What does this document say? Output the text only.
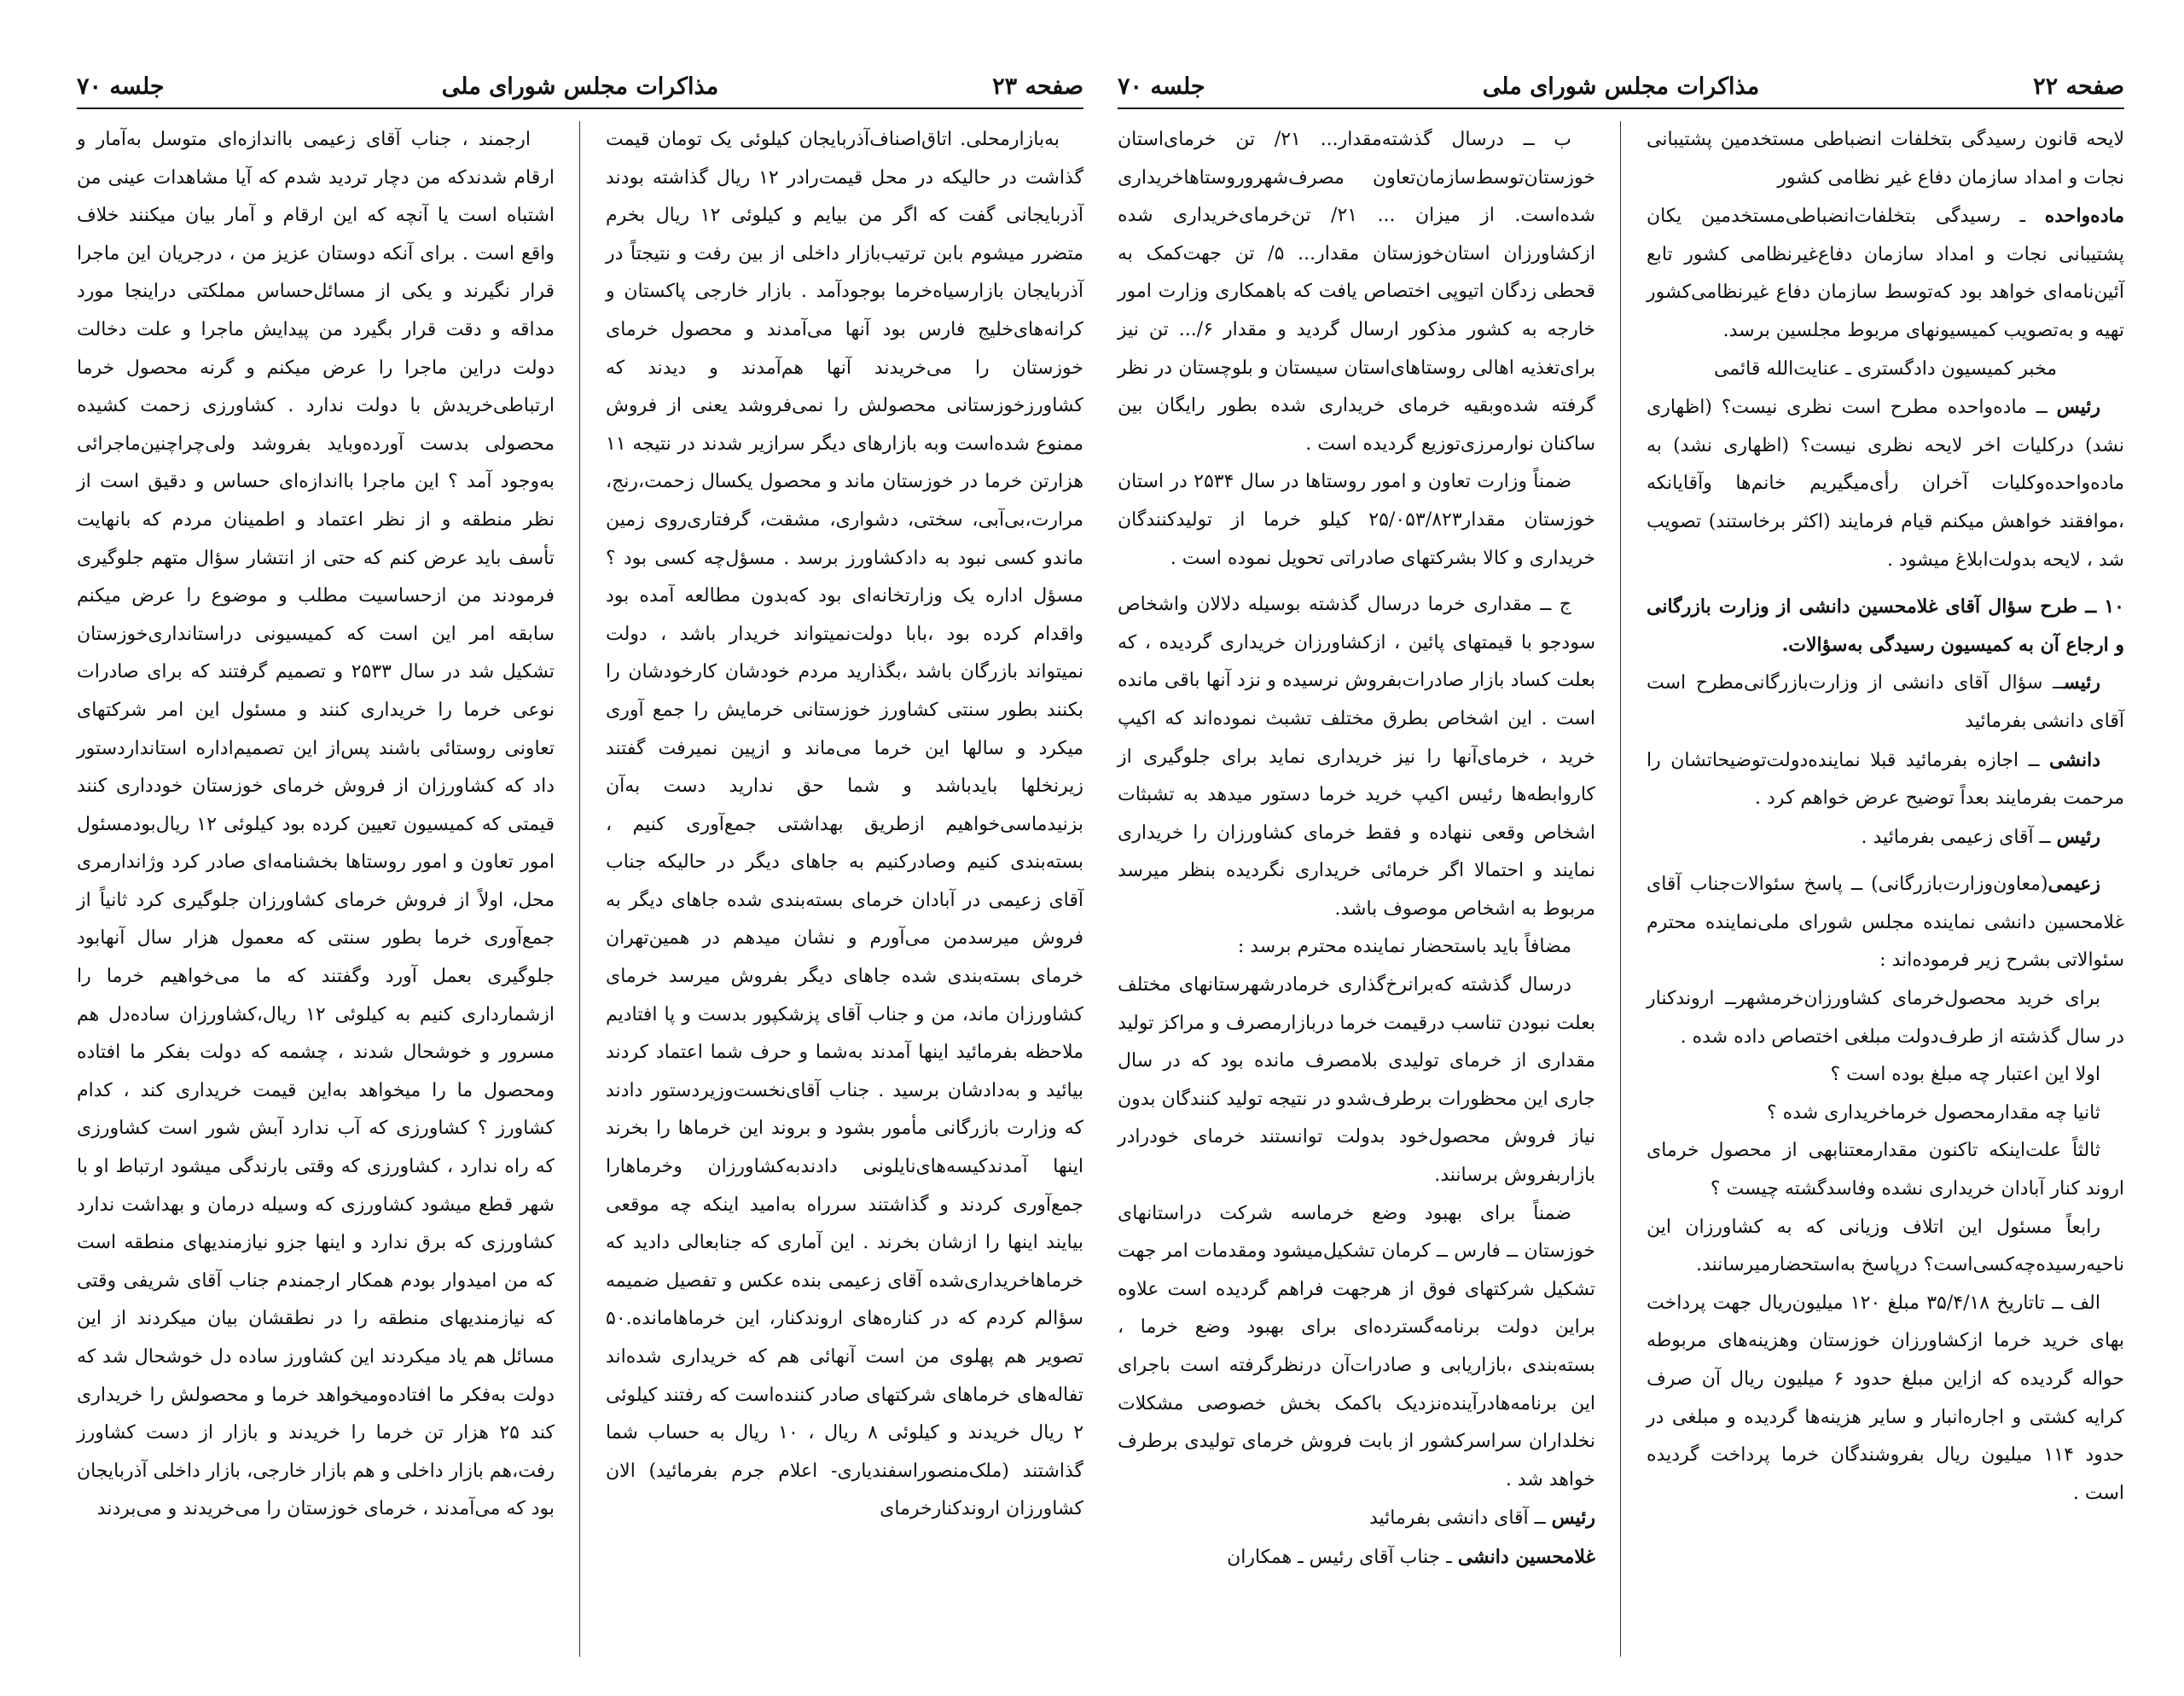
صفحه ۲۳
مذاکرات مجلس شورای ملی
جلسه ۷۰

به‌بازارمحلی. اتاق‌اصناف‌آذربایجان کیلوئی یک تومان قیمت گذاشت در حالیکه در محل قیمت‌رادر ۱۲ ریال گذاشته بودند آذربایجانی گفت که اگر من بیایم و کیلوئی ۱۲ ریال بخرم متضرر میشوم با‌بن ترتیب‌بازار داخلی از بین رفت و نتیجتاً در آذربایجان بازارسیاه‌خرما بوجودآمد . بازار خارجی پاکستان و کرانه‌های‌خلیج فارس بود آنها می‌آمدند و محصول خرمای خوزستان را می‌خریدند آنها هم‌آمدند و دیدند که‌ کشاورزخوزستانی محصولش را نمی‌فروشد یعنی از فروش ممنوع شده‌است وبه بازارهای دیگر سرازیر شدند در نتیجه ۱۱ هزارتن خرما در خوزستان ماند و محصول یکسال زحمت،رنج، مرارت،بی‌آبی، سختی، دشواری، مشقت، گرفتاری‌روی زمین ماندو کسی نبود به داد‌کشاورز برسد . مسؤل‌چه کسی بود ؟ مسؤل اداره یک وزارتخانه‌ای بود که‌بدون مطالعه آمده بود واقدام کرده بود ،بابا دولت‌نمیتواند خریدار باشد ، دولت نمیتواند بازرگان باشد ،بگذارید مردم خودشان کارخودشان را بکنند بطور سنتی کشاورز خوزستانی خرمایش را جمع آوری میکرد و سالها این خرما می‌ماند و ازپین نمیرفت گفتند زیرنخلها بایدباشد و شما حق ندارید دست به‌آن بزنیدماسی‌خواهیم ازطریق بهداشتی جمع‌آوری کنیم ، بسته‌بندی کنیم وصادرکنیم به جاهای دیگر در حالیکه جناب آقای زعیمی در آبادان خرمای بسته‌بندی شده جاهای دیگر به فروش میرسدمن می‌آورم و نشان میدهم در همین‌تهران خرمای بسته‌بندی شده جاهای دیگر بفروش میرسد خرمای کشاورزان ماند، من و جناب آقای پزشکپور بدست و پا افتادیم ملاحظه بفرمائید اینها آمدند به‌شما و حرف شما اعتماد کردند بیائید و به‌دادشان برسید . جناب آقای‌نخست‌وزیردستور دادند که وزارت بازرگانی مأمور بشود و بروند این خرماها را بخرند اینها آمدندکیسه‌های‌نایلونی دادندبه‌کشاورزان وخرماهارا جمع‌آوری کردند و گذاشتند سرراه به‌امید اینکه چه موقعی بیایند اینها را ازشان بخرند . این آماری که جنابعالی دادید که خرماهاخریداری‌شده آقای زعیمی بنده عکس و تفصیل ضمیمه سؤالم کردم که در کناره‌های اروندکنار، این خرماهاماند‌ه.۵۰ تصویر هم پهلوی من است آنهائی هم که خریداری شده‌اند تفاله‌های خرماهای شرکتهای صادر کننده‌است که رفتند کیلوئی ۲ ریال خریدند و کیلوئی ۸ ریال ، ۱۰ ریال به حساب شما گذاشتند (ملک‌منصوراسفندیاری- اعلام جرم بفرمائید) الان کشاورزان اروندکنارخرمای

ارجمند ، جناب آقای زعیمی بااندازه‌ای متوسل به‌آمار و ارقام شدند‌که من دچار تردید شدم که آیا مشاهدات عینی من اشتباه است یا آنچه که این ارقام و آمار بیان میکنند خلاف واقع است . برای آنکه دوستان عزیز من ، درجریان این ماجرا قرار نگیرند و یکی از مسائل‌حساس مملکتی دراینجا مورد مداقه و دقت قرار بگیرد من پیدایش ماجرا و علت دخالت دولت دراین ماجرا را عرض میکنم و گرنه محصول خرما ارتباطی‌خریدش با دولت ندارد . کشاورزی زحمت کشیده محصولی بدست آورده‌وباید بفروشد ولی‌چراچنین‌ماجرائی به‌وجود آمد ؟ این ماجرا بااندازه‌ای حساس و دقیق است از نظر منطقه و از نظر اعتماد و اطمینان مردم که بانهایت تأسف باید عرض کنم که حتی از انتشار سؤال متهم جلوگیری فرمودند من ازحساسیت مطلب و موضوع را عرض میکنم سابقه امر این است که کمیسیونی دراستانداری‌خوزستان تشکیل شد در سال ۲۵۳۳ و تصمیم گرفتند که برای صادرات نوعی خرما را خریداری کنند و مسئول این امر شرکتهای تعاونی روستائی باشند پس‌از این تصمیم‌اداره استانداردستور داد که کشاورزان از فروش خرمای خوزستان خودداری کنند قیمتی که کمیسیون تعیین کرده بود کیلوئی ۱۲ ریال‌بودمسئول امور تعاون و امور روستاها بخشنامه‌ای صادر کرد وژاندارمری محل، اولاً از فروش خرمای کشاورزان جلوگیری کرد ثانیاً از جمع‌آوری خرما بطور سنتی که معمول هزار سال آنهابود جلوگیری بعمل آورد وگفتند که ما می‌خواهیم خرما را ازشمارداری کنیم به کیلوئی ۱۲ ریال،کشاورزان ساده‌دل هم مسرور و خوشحال شدند ، چشمه که دولت بفکر ما افتاده ومحصول ما را میخواهد به‌این قیمت خریداری کند ، کدام کشاورز ؟ کشاورزی که آب ندارد آبش شور است کشاورزی که راه ندارد ، کشاورزی که وقتی بارندگی میشود ارتباط او با شهر قطع میشود کشاورزی که وسیله درمان و بهداشت ندارد کشاورزی که برق ندارد و اینها جزو نیازمندیهای منطقه است که من امیدوار بودم همکار ارجمندم جناب آقای شریفی وقتی که نیازمندیهای منطقه را در نطقشان بیان میکردند از این مسائل هم یاد میکردند این کشاورز ساده دل خوشحال شد که دولت به‌فکر ما افتاده‌وميخواهد خرما و محصولش را خریداری کند ۲۵ هزار تن خرما را خریدند و بازار از دست کشاورز رفت،هم بازار داخلی و هم بازار خارجی، بازار داخلی آذربایجان بود که می‌آمدند ، خرمای خوزستان را می‌خریدند و می‌بردند

صفحه ۲۲
مذاکرات مجلس شورای ملی
جلسه ۷۰

لایحه قانون رسیدگی بتخلفات انضباطی مستخدمین پشتیبانی نجات و امداد سازمان دفاع غیر نظامی کشور

ماده‌واحده ـ رسیدگی بتخلفات‌انضباطی‌مستخدمین یکان پشتیبانی نجات و امداد سازمان دفاع‌غیرنظامی کشور تابع آئین‌نامه‌ای خواهد بود که‌توسط سازمان دفاع غیرنظامی‌کشور تهیه و به‌تصویب کمیسیونهای مربوط مجلسین برسد.

مخبر کمیسیون دادگستری ـ عنایت‌الله قائمی

رئیس ــ ماده‌واحده مطرح است نظری نیست؟ (اظهاری نشد) درکلیات اخر لایحه نظری نیست؟ (اظهاری نشد) به ماده‌واحده‌وکلیات آخران رأی‌میگیریم خانم‌ها وآقایانکه ،موافقند خواهش میکنم قیام فرمایند (اکثر برخاستند) تصویب شد ، لایحه بدولت‌ابلاغ میشود .

۱۰ ــ طرح سؤال آقای غلامحسین دانشی از وزارت بازرگانی و ارجاع آن به کمیسیون رسیدگی به‌سؤالات.

رئیســ سؤال آقای دانشی از وزارت‌بازرگانی‌مطرح است آقای دانشی بفرمائید

دانشی ــ اجازه بفرمائید قبلا نماینده‌دولت‌توضیحاتشان را مرحمت بفرمایند بعداً توضیح عرض خواهم کرد .

رئیس ــ آقای زعیمی بفرمائید .

زعیمی(معاون‌وزارت‌بازرگانی) ــ پاسخ سئوالات‌جناب آقای غلامحسین دانشی نماینده مجلس شورای ملی‌نماینده محترم سئوالاتی بشرح زیر فرموده‌اند :

برای خرید محصول‌خرمای کشاورزان‌خرمشهرــ اروندکنار در سال گذشته از طرف‌دولت مبلغی اختصاص داده شده .

اولا این اعتبار چه مبلغ بوده است ؟

ثانیا چه مقدار‌محصول خرماخریداری شده ؟

ثالثاً علت‌اینکه تاکنون مقدارمعتنابهی از محصول خرمای اروند کنار آبادان خریداری نشده وفاسدگشته چیست ؟

رابعاً مسئول این اتلاف وزیانی که به کشاورزان این ناحیه‌رسیده‌چه‌کسی‌است؟ درپاسخ به‌استحضارمیرسانند.

الف ــ تاتاریخ ۳۵/۴/۱۸ مبلغ ۱۲۰ میلیون‌ریال جهت پرداخت بهای خرید خرما ازکشاورزان خوزستان وهزینه‌های مربوطه حواله گردیده که ازاین مبلغ حدود ۶ میلیون ریال آن صرف کرایه کشتی و اجاره‌انبار و سایر هزینه‌ها گردیده و مبلغی در حدود ۱۱۴ میلیون ریال بفروشندگان خرما پرداخت گردیده است .

ب ــ درسال گذشته‌مقدار... ۲۱/ تن خرمای‌استان خوزستان‌توسط‌سازمان‌تعاون مصرف‌شهرو‌روستاها‌خریداری شده‌است. از میزان ... ۲۱/ تن‌خرمای‌خریداری شده ازکشاورزان استان‌خوزستان مقدار... ۵/ تن جهت‌کمک به قحطی زدگان اتیوپی اختصاص یافت که باهمکاری وزارت امور خارجه به کشور مذکور ارسال گردید و مقدار ۶/... تن نیز برای‌تغذیه اهالی روستاهای‌استان سیستان و بلوچستان در نظر گرفته شده‌وبقیه خرمای خریداری شده بطور رایگان بین ساکنان نوارمرزی‌توزیع گردیده است .

ضمناً وزارت تعاون و امور روستاها در سال ۲۵۳۴ در استان خوزستان مقدار۲۵/۰۵۳/۸۲۳ کیلو خرما از تولید‌کنندگان خریداری و کالا بشرکتهای صادراتی تحویل نموده است .

ج ــ مقداری خرما درسال گذشته بوسیله دلالان واشخاص سودجو با قیمتهای پائین ، ازکشاورزان خریداری گردیده ، که بعلت کساد بازار صادرات‌بفروش نرسیده و نزد آنها باقی مانده است . این اشخاص بطرق مختلف تشبث نموده‌اند که اکیپ خرید ، خرمای‌آنها را نیز خریداری نماید برای جلوگیری از کاروابطه‌ها رئیس اکیپ خرید خرما دستور میدهد به تشبثات اشخاص وقعی ننهاده و فقط خرمای کشاورزان را خریداری نمایند و احتمالا اگر خرمائی خریداری نگردیده بنظر میرسد مربوط به اشخاص موصوف باشد.

مضافاً باید باستحضار نماینده محترم برسد :

درسال گذشته که‌برانرخ‌گذاری خرمادر‌شهرستانهای مختلف بعلت نبودن تناسب درقیمت خرما درباز‌ارمصرف و مراکز تولید مقداری از خرمای تولیدی بلامصرف مانده بود که در سال جاری این محظورات برطرف‌شدو در نتیجه تولید کنندگان بدون نیاز فروش محصول‌خود بدولت توانستند خرمای خودرادر بازاربفروش برسانند.

ضمناً برای بهبود وضع خرماسه شرکت دراستانهای خوزستان ــ فارس ــ کرمان تشکیل‌میشود ومقدمات امر جهت تشکیل شرکتهای فوق از هرجهت فراهم گردیده است علاوه براین دولت برنامه‌گسترده‌ای برای بهبود وضع خرما ، بسته‌بندی ،بازاریابی و صادرات‌آن درنظرگرفته است باجرای این برنامه‌هادرآینده‌نزدیک باکمک بخش خصوصی مشکلات نخلداران سراسرکشور از بابت فروش خرمای تولیدی برطرف خواهد شد .

رئیس ــ آقای دانشی بفرمائید

غلامحسین دانشی ـ جناب آقای رئیس ـ همکاران
